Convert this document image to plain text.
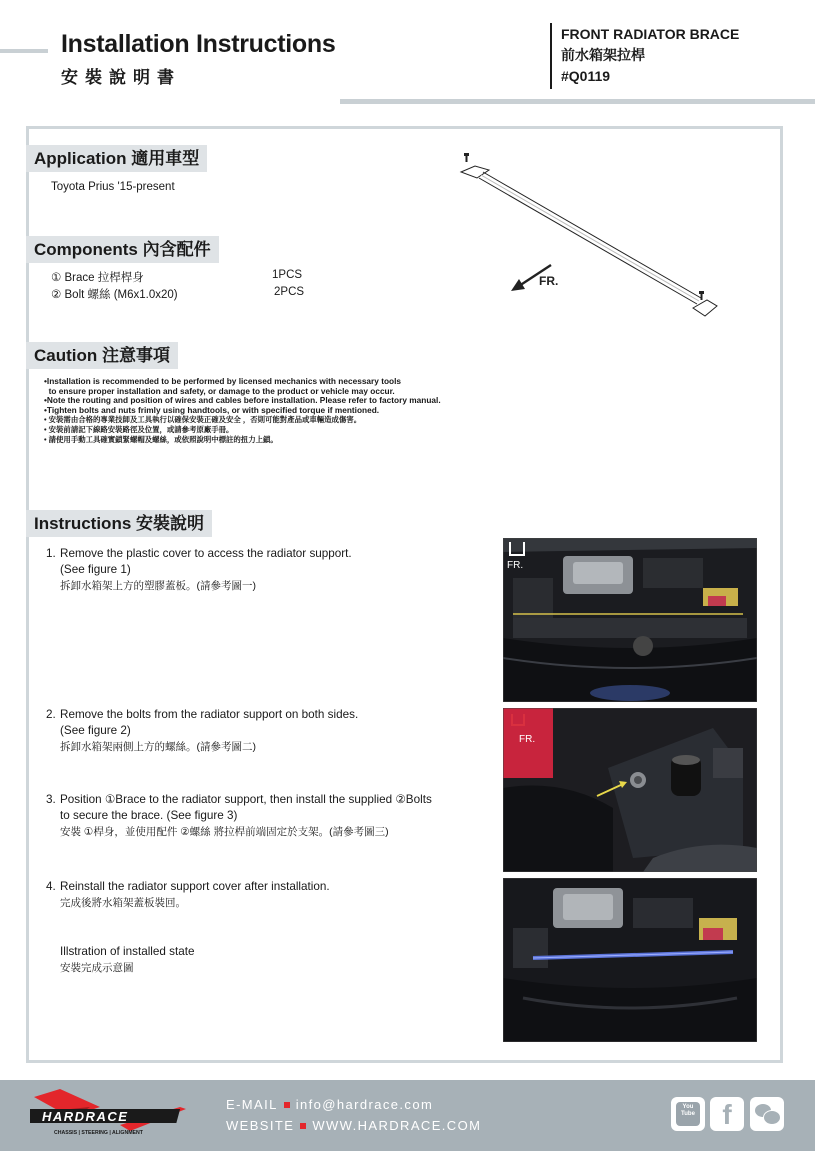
Installation Instructions
安裝說明書
FRONT RADIATOR BRACE
前水箱架拉桿
#Q0119
Application 適用車型
Toyota Prius '15-present
Components 內含配件
① Brace 拉桿桿身	1PCS
② Bolt 螺絲 (M6x1.0x20)	2PCS
FR.
Caution 注意事項
•Installation is recommended to be performed by licensed mechanics with necessary tools
to ensure proper installation and safety, or damage to the product or vehicle may occur.
•Note the routing and position of wires and cables before installation. Please refer to factory manual.
•Tighten bolts and nuts frimly using handtools, or with specified torque if mentioned.
• 安裝需由合格的專業技師及工具執行以確保安裝正確及安全 ，否則可能對產品或車輛造成傷害。
• 安裝前請記下線路安裝路徑及位置，或請參考原廠手冊。
• 請使用手動工具確實鎖緊螺帽及螺絲，或依照說明中標註的扭力上鎖。
Instructions 安裝說明
1. Remove the plastic cover to access the radiator support.
(See figure 1)
拆卸水箱架上方的塑膠蓋板。(請參考圖一)
2. Remove the bolts from the radiator support on both sides.
(See figure 2)
拆卸水箱架兩側上方的螺絲。(請參考圖二)
3. Position ①Brace to the radiator support, then install the supplied ②Bolts
to secure the brace. (See figure 3)
安裝 ①桿身，並使用配件 ②螺絲 將拉桿前端固定於支架。(請參考圖三)
4. Reinstall the radiator support cover after installation.
完成後將水箱架蓋板裝回。
Illstration of installed state
安裝完成示意圖
FR.
FR.
HARDRACE
CHASSIS | STEERING | ALIGNMENT
E-MAIL info@hardrace.com
WEBSITE WWW.HARDRACE.COM
You Tube f
